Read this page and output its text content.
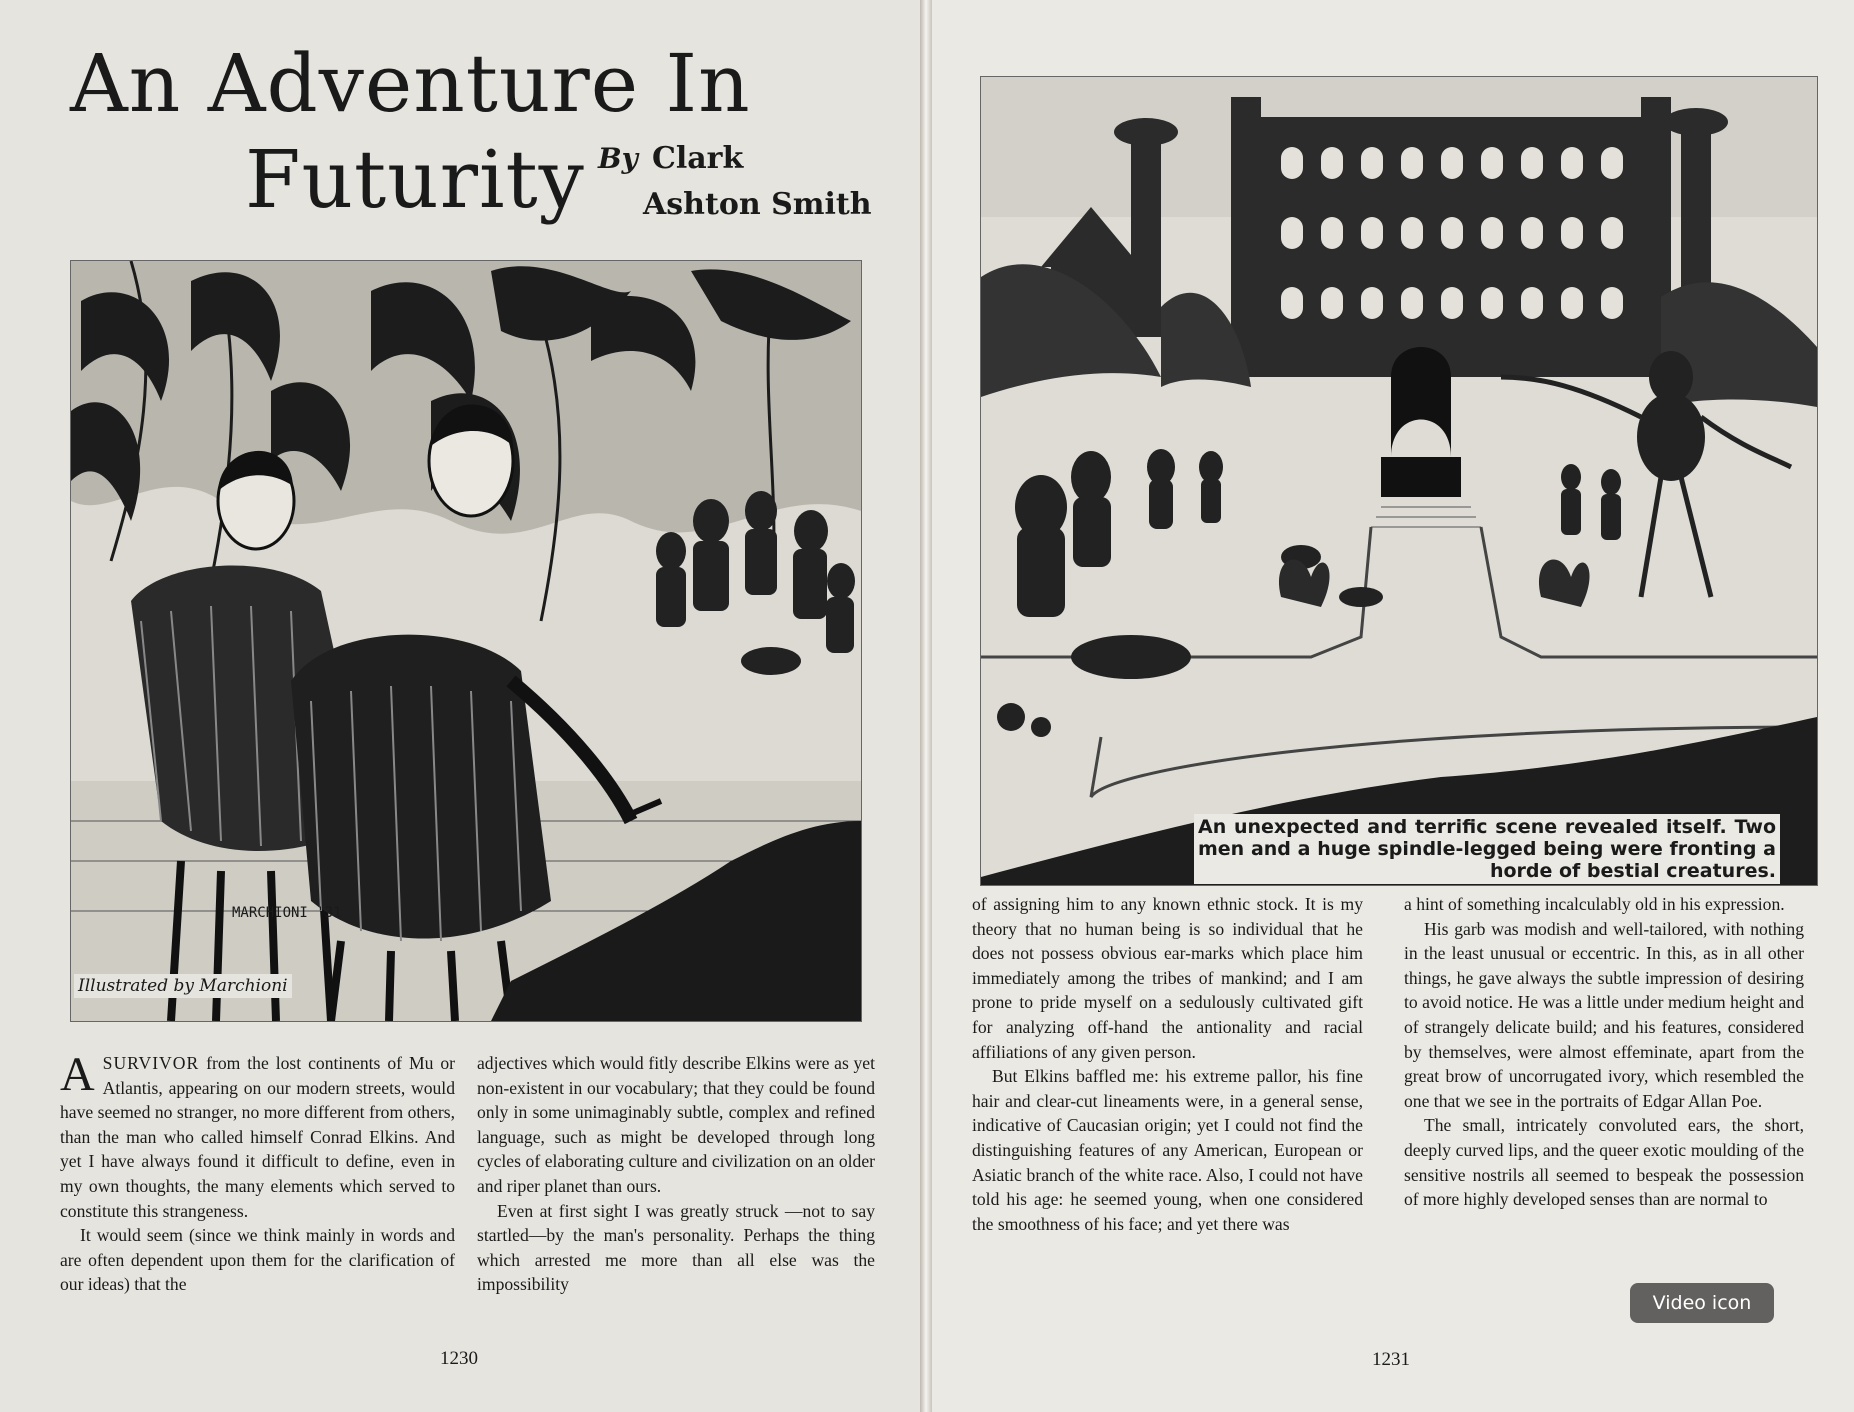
An Adventure In
Futurity By Clark
Ashton Smith
MARCHIONI '31
Illustrated by Marchioni

ASURVIVOR from the lost continents of Mu or Atlantis, appearing on our modern streets, would have seemed no stranger, no more different from others, than the man who called himself Conrad Elkins. And yet I have always found it difficult to define, even in my own thoughts, the many elements which served to constitute this strangeness.

It would seem (since we think mainly in words and are often dependent upon them for the clarification of our ideas) that the

adjectives which would fitly describe Elkins were as yet non-existent in our vocabulary; that they could be found only in some unimaginably subtle, complex and refined language, such as might be developed through long cycles of elaborating culture and civilization on an older and riper planet than ours.

Even at first sight I was greatly struck —not to say startled—by the man's personality. Perhaps the thing which arrested me more than all else was the impossibility

1230
An unexpected and terrific scene revealed itself. Two men and a huge spindle-legged being were fronting a horde of bestial creatures.

of assigning him to any known ethnic stock. It is my theory that no human being is so individual that he does not possess obvious ear-marks which place him immediately among the tribes of mankind; and I am prone to pride myself on a sedulously cultivated gift for analyzing off-hand the antionality and racial affiliations of any given person.

But Elkins baffled me: his extreme pallor, his fine hair and clear-cut lineaments were, in a general sense, indicative of Caucasian origin; yet I could not find the distinguishing features of any American, European or Asiatic branch of the white race. Also, I could not have told his age: he seemed young, when one considered the smoothness of his face; and yet there was

a hint of something incalculably old in his expression.

His garb was modish and well-tailored, with nothing in the least unusual or eccentric. In this, as in all other things, he gave always the subtle impression of desiring to avoid notice. He was a little under medium height and of strangely delicate build; and his features, considered by themselves, were almost effeminate, apart from the great brow of uncorrugated ivory, which resembled the one that we see in the portraits of Edgar Allan Poe.

The small, intricately convoluted ears, the short, deeply curved lips, and the queer exotic moulding of the sensitive nostrils all seemed to bespeak the possession of more highly developed senses than are normal to

1231
Video icon
